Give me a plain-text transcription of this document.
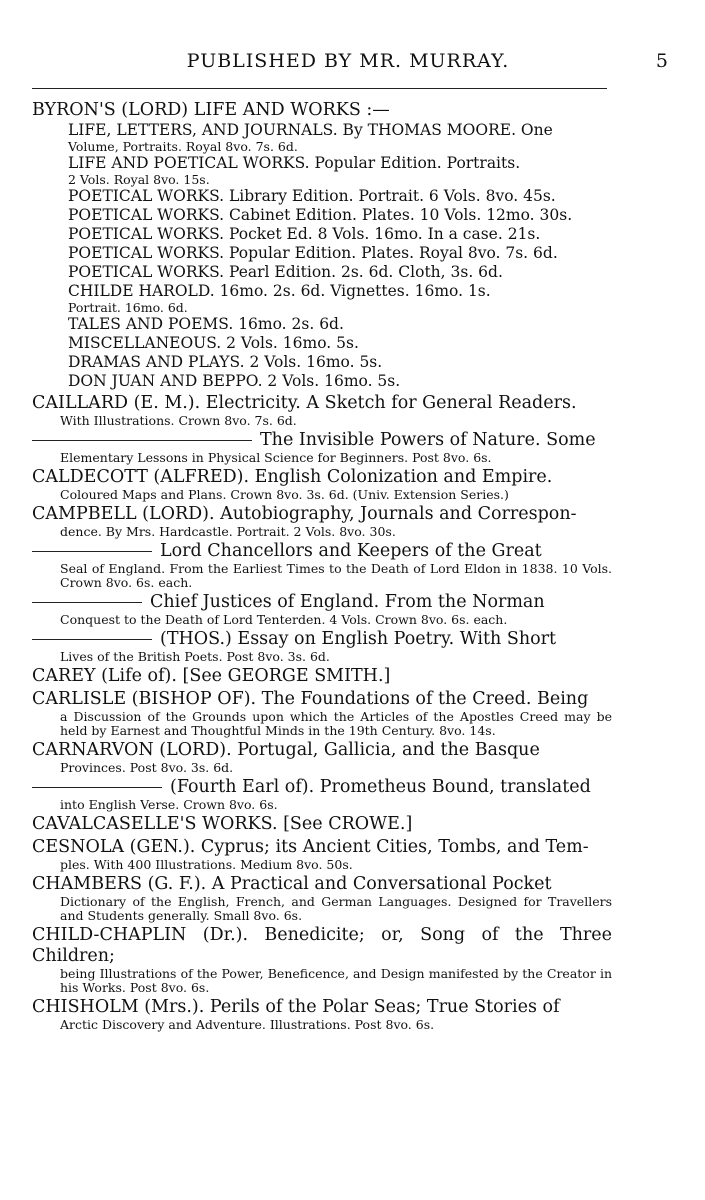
PUBLISHED BY MR. MURRAY.	5
BYRON'S (LORD) LIFE AND WORKS :—
LIFE, LETTERS, AND JOURNALS. By THOMAS MOORE. One
Volume, Portraits. Royal 8vo. 7s. 6d.
LIFE AND POETICAL WORKS. Popular Edition. Portraits.
2 Vols. Royal 8vo. 15s.
POETICAL WORKS. Library Edition. Portrait. 6 Vols. 8vo. 45s.
POETICAL WORKS. Cabinet Edition. Plates. 10 Vols. 12mo. 30s.
POETICAL WORKS. Pocket Ed. 8 Vols. 16mo. In a case. 21s.
POETICAL WORKS. Popular Edition. Plates. Royal 8vo. 7s. 6d.
POETICAL WORKS. Pearl Edition. 2s. 6d. Cloth, 3s. 6d.
CHILDE HAROLD. 16mo. 2s. 6d. Vignettes. 16mo. 1s.
Portrait. 16mo. 6d.
TALES AND POEMS. 16mo. 2s. 6d.
MISCELLANEOUS. 2 Vols. 16mo. 5s.
DRAMAS AND PLAYS. 2 Vols. 16mo. 5s.
DON JUAN AND BEPPO. 2 Vols. 16mo. 5s.
CAILLARD (E. M.). Electricity. A Sketch for General Readers.
With Illustrations. Crown 8vo. 7s. 6d.
The Invisible Powers of Nature. Some
Elementary Lessons in Physical Science for Beginners. Post 8vo. 6s.
CALDECOTT (ALFRED). English Colonization and Empire.
Coloured Maps and Plans. Crown 8vo. 3s. 6d. (Univ. Extension Series.)
CAMPBELL (LORD). Autobiography, Journals and Correspon-
dence. By Mrs. Hardcastle. Portrait. 2 Vols. 8vo. 30s.
Lord Chancellors and Keepers of the Great
Seal of England. From the Earliest Times to the Death of Lord Eldon in 1838. 10 Vols. Crown 8vo. 6s. each.
Chief Justices of England. From the Norman
Conquest to the Death of Lord Tenterden. 4 Vols. Crown 8vo. 6s. each.
(THOS.) Essay on English Poetry. With Short
Lives of the British Poets. Post 8vo. 3s. 6d.
CAREY (Life of). [See GEORGE SMITH.]
CARLISLE (BISHOP OF). The Foundations of the Creed. Being
a Discussion of the Grounds upon which the Articles of the Apostles Creed may be held by Earnest and Thoughtful Minds in the 19th Century. 8vo. 14s.
CARNARVON (LORD). Portugal, Gallicia, and the Basque
Provinces. Post 8vo. 3s. 6d.
(Fourth Earl of). Prometheus Bound, translated
into English Verse. Crown 8vo. 6s.
CAVALCASELLE'S WORKS. [See CROWE.]
CESNOLA (GEN.). Cyprus; its Ancient Cities, Tombs, and Tem-
ples. With 400 Illustrations. Medium 8vo. 50s.
CHAMBERS (G. F.). A Practical and Conversational Pocket
Dictionary of the English, French, and German Languages. Designed for Travellers and Students generally. Small 8vo. 6s.
CHILD-CHAPLIN (Dr.). Benedicite; or, Song of the Three Children;
being Illustrations of the Power, Beneficence, and Design manifested by the Creator in his Works. Post 8vo. 6s.
CHISHOLM (Mrs.). Perils of the Polar Seas; True Stories of
Arctic Discovery and Adventure. Illustrations. Post 8vo. 6s.
